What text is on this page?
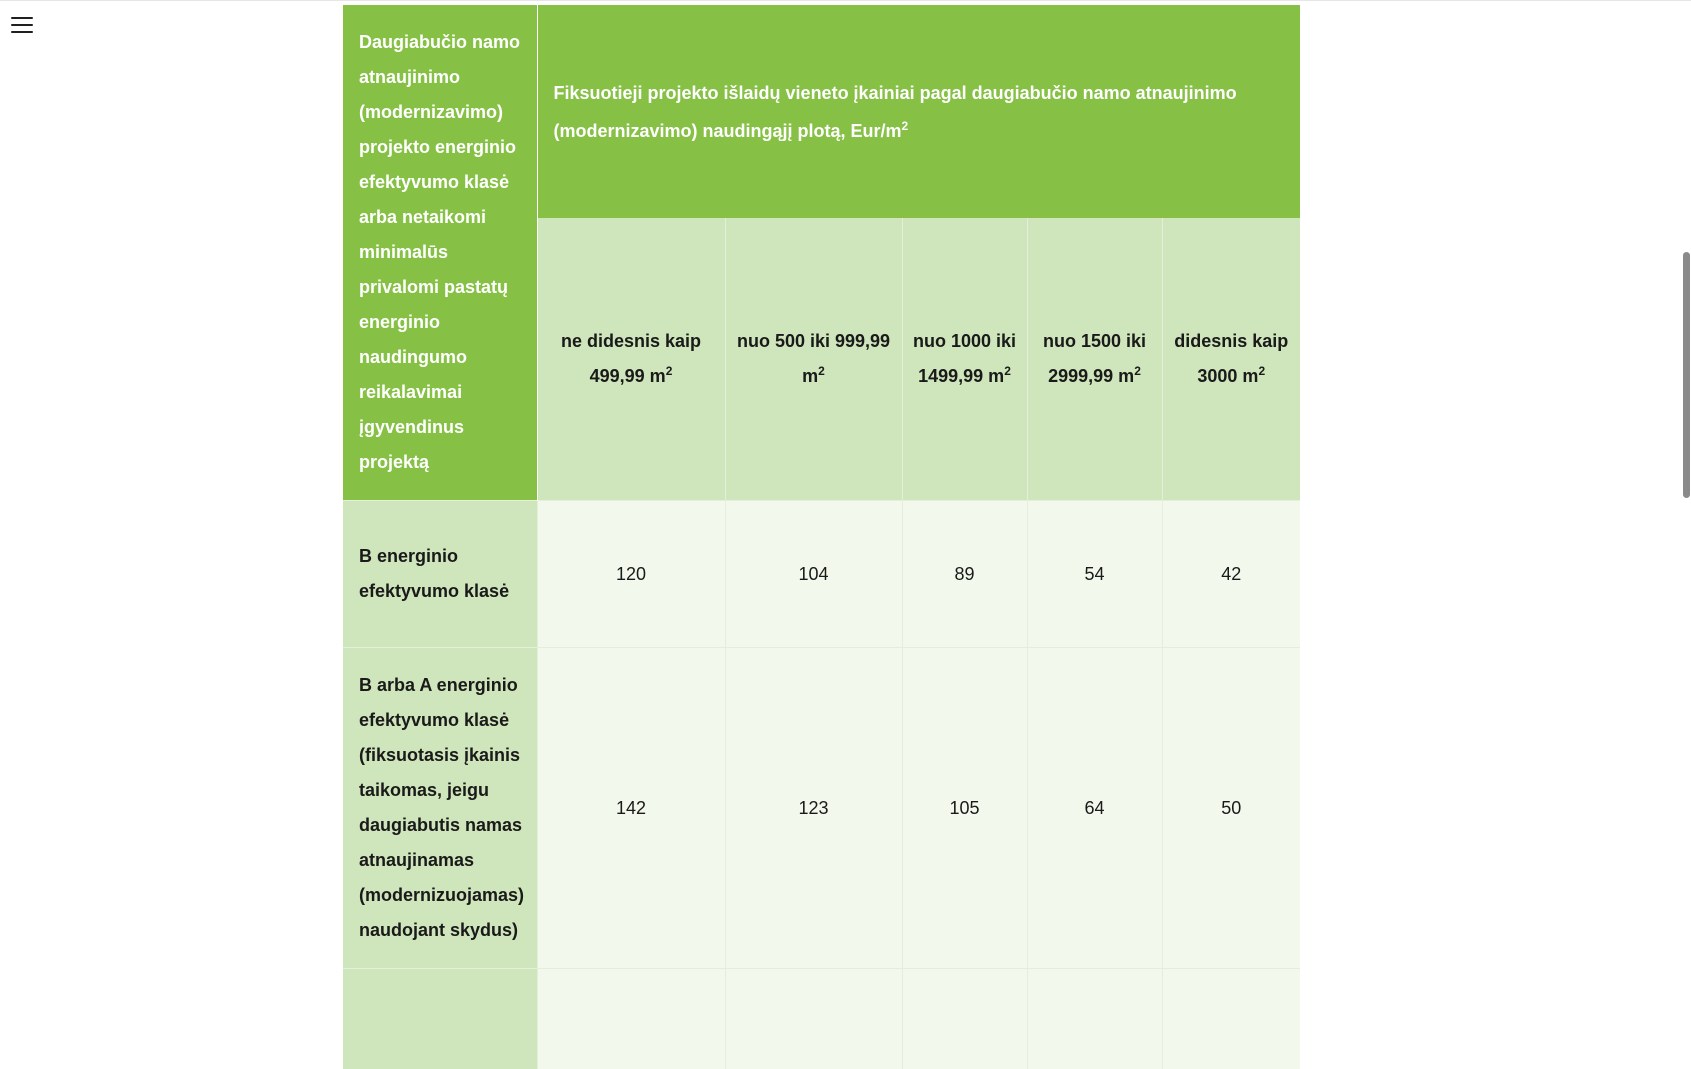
Daugiabučio namo atnaujinimo (modernizavimo) projekto energinio efektyvumo klasė arba netaikomi minimalūs privalomi pastatų energinio naudingumo reikalavimai įgyvendinus projektą	Fiksuotieji projekto išlaidų vieneto įkainiai pagal daugiabučio namo atnaujinimo (modernizavimo) naudingąjį plotą, Eur/$m^2$
	ne didesnis kaip 499,99 $m^2$	nuo 500 iki 999,99 $m^2$	nuo 1000 iki 1499,99 $m^2$	nuo 1500 iki 2999,99 $m^2$	didesnis kaip 3000 $m^2$
B energinio efektyvumo klasė	120	104	89	54	42
B arba A energinio efektyvumo klasė (fiksuotasis įkainis taikomas, jeigu daugiabutis namas atnaujinamas (modernizuojamas) naudojant skydus)	142	123	105	64	50
